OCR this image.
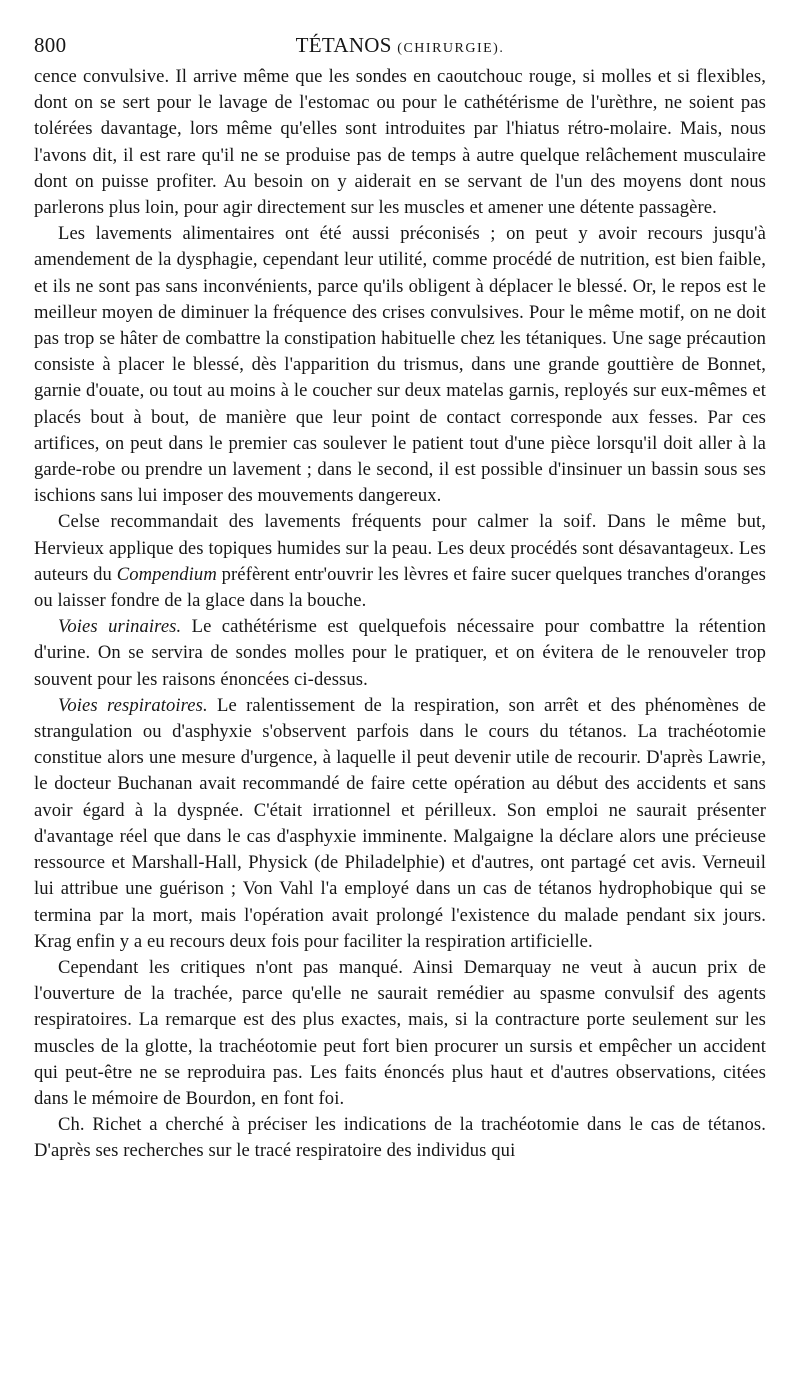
800	TÉTANOS (CHIRURGIE).

cence convulsive. Il arrive même que les sondes en caoutchouc rouge, si molles et si flexibles, dont on se sert pour le lavage de l'estomac ou pour le cathétérisme de l'urèthre, ne soient pas tolérées davantage, lors même qu'elles sont introduites par l'hiatus rétro-molaire. Mais, nous l'avons dit, il est rare qu'il ne se produise pas de temps à autre quelque relâchement musculaire dont on puisse profiter. Au besoin on y aiderait en se servant de l'un des moyens dont nous parlerons plus loin, pour agir directement sur les muscles et amener une détente passagère.

Les lavements alimentaires ont été aussi préconisés ; on peut y avoir recours jusqu'à amendement de la dysphagie, cependant leur utilité, comme procédé de nutrition, est bien faible, et ils ne sont pas sans inconvénients, parce qu'ils obligent à déplacer le blessé. Or, le repos est le meilleur moyen de diminuer la fréquence des crises convulsives. Pour le même motif, on ne doit pas trop se hâter de combattre la constipation habituelle chez les tétaniques. Une sage précaution consiste à placer le blessé, dès l'apparition du trismus, dans une grande gouttière de Bonnet, garnie d'ouate, ou tout au moins à le coucher sur deux matelas garnis, reployés sur eux-mêmes et placés bout à bout, de manière que leur point de contact corresponde aux fesses. Par ces artifices, on peut dans le premier cas soulever le patient tout d'une pièce lorsqu'il doit aller à la garde-robe ou prendre un lavement ; dans le second, il est possible d'insinuer un bassin sous ses ischions sans lui imposer des mouvements dangereux.

Celse recommandait des lavements fréquents pour calmer la soif. Dans le même but, Hervieux applique des topiques humides sur la peau. Les deux procédés sont désavantageux. Les auteurs du Compendium préfèrent entr'ouvrir les lèvres et faire sucer quelques tranches d'oranges ou laisser fondre de la glace dans la bouche.

Voies urinaires. Le cathétérisme est quelquefois nécessaire pour combattre la rétention d'urine. On se servira de sondes molles pour le pratiquer, et on évitera de le renouveler trop souvent pour les raisons énoncées ci-dessus.

Voies respiratoires. Le ralentissement de la respiration, son arrêt et des phénomènes de strangulation ou d'asphyxie s'observent parfois dans le cours du tétanos. La trachéotomie constitue alors une mesure d'urgence, à laquelle il peut devenir utile de recourir. D'après Lawrie, le docteur Buchanan avait recommandé de faire cette opération au début des accidents et sans avoir égard à la dyspnée. C'était irrationnel et périlleux. Son emploi ne saurait présenter d'avantage réel que dans le cas d'asphyxie imminente. Malgaigne la déclare alors une précieuse ressource et Marshall-Hall, Physick (de Philadelphie) et d'autres, ont partagé cet avis. Verneuil lui attribue une guérison ; Von Vahl l'a employé dans un cas de tétanos hydrophobique qui se termina par la mort, mais l'opération avait prolongé l'existence du malade pendant six jours. Krag enfin y a eu recours deux fois pour faciliter la respiration artificielle.

Cependant les critiques n'ont pas manqué. Ainsi Demarquay ne veut à aucun prix de l'ouverture de la trachée, parce qu'elle ne saurait remédier au spasme convulsif des agents respiratoires. La remarque est des plus exactes, mais, si la contracture porte seulement sur les muscles de la glotte, la trachéotomie peut fort bien procurer un sursis et empêcher un accident qui peut-être ne se reproduira pas. Les faits énoncés plus haut et d'autres observations, citées dans le mémoire de Bourdon, en font foi.

Ch. Richet a cherché à préciser les indications de la trachéotomie dans le cas de tétanos. D'après ses recherches sur le tracé respiratoire des individus qui
